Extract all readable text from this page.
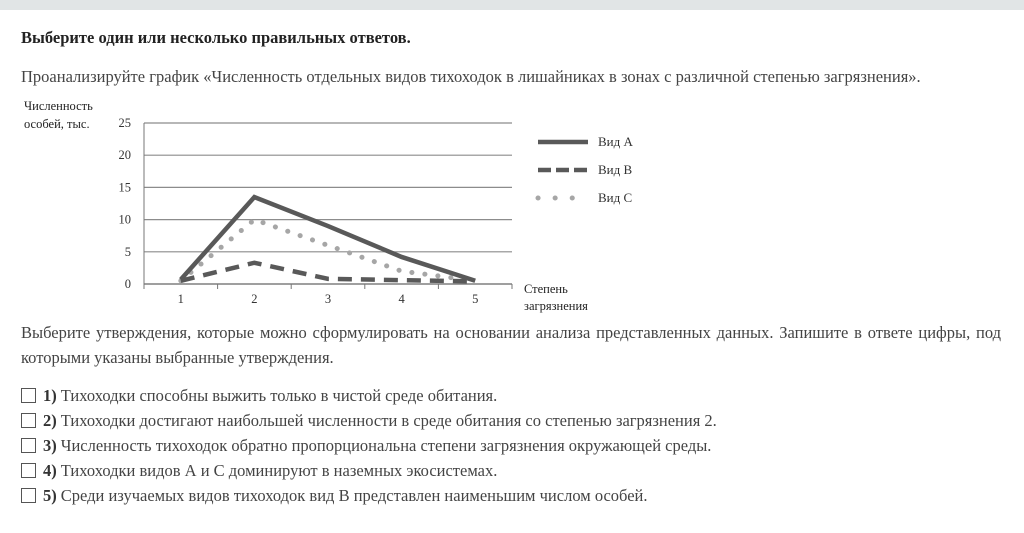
Выберите один или несколько правильных ответов.
Проанализируйте график «Численность отдельных видов тихоходок в лишайниках в зонах с различной степенью загрязнения».
Численность
особей, тыс.
0
5
10
15
20
25
1	2	3	4	5
Степень
загрязнения
Вид А
Вид В
Вид С
Выберите утверждения, которые можно сформулировать на основании анализа представленных данных. Запишите в ответе цифры, под которыми указаны выбранные утверждения.
1) Тихоходки способны выжить только в чистой среде обитания.
2) Тихоходки достигают наибольшей численности в среде обитания со степенью загрязнения 2.
3) Численность тихоходок обратно пропорциональна степени загрязнения окружающей среды.
4) Тихоходки видов А и С доминируют в наземных экосистемах.
5) Среди изучаемых видов тихоходок вид В представлен наименьшим числом особей.
